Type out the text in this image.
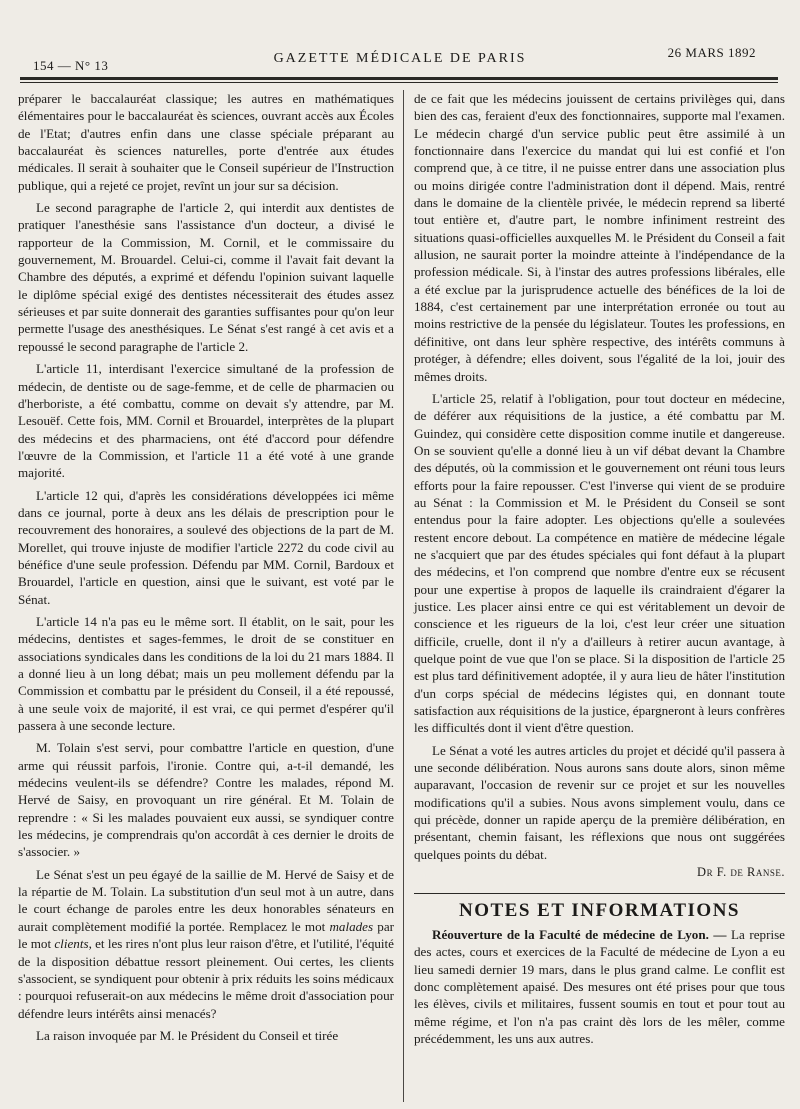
154 — N° 13	GAZETTE MÉDICALE DE PARIS	26 MARS 1892

préparer le baccalauréat classique; les autres en mathématiques élémentaires pour le baccalauréat ès sciences, ouvrant accès aux Écoles de l'Etat; d'autres enfin dans une classe spéciale préparant au baccalauréat ès sciences naturelles, porte d'entrée aux études médicales. Il serait à souhaiter que le Conseil supérieur de l'Instruction publique, qui a rejeté ce projet, revînt un jour sur sa décision.

Le second paragraphe de l'article 2, qui interdit aux dentistes de pratiquer l'anesthésie sans l'assistance d'un docteur, a divisé le rapporteur de la Commission, M. Cornil, et le commissaire du gouvernement, M. Brouardel. Celui-ci, comme il l'avait fait devant la Chambre des députés, a exprimé et défendu l'opinion suivant laquelle le diplôme spécial exigé des dentistes nécessiterait des études assez sérieuses et par suite donnerait des garanties suffisantes pour qu'on leur permette l'usage des anesthésiques. Le Sénat s'est rangé à cet avis et a repoussé le second paragraphe de l'article 2.

L'article 11, interdisant l'exercice simultané de la profession de médecin, de dentiste ou de sage-femme, et de celle de pharmacien ou d'herboriste, a été combattu, comme on devait s'y attendre, par M. Lesouëf. Cette fois, MM. Cornil et Brouardel, interprètes de la plupart des médecins et des pharmaciens, ont été d'accord pour défendre l'œuvre de la Commission, et l'article 11 a été voté à une grande majorité.

L'article 12 qui, d'après les considérations développées ici même dans ce journal, porte à deux ans les délais de prescription pour le recouvrement des honoraires, a soulevé des objections de la part de M. Morellet, qui trouve injuste de modifier l'article 2272 du code civil au bénéfice d'une seule profession. Défendu par MM. Cornil, Bardoux et Brouardel, l'article en question, ainsi que le suivant, est voté par le Sénat.

L'article 14 n'a pas eu le même sort. Il établit, on le sait, pour les médecins, dentistes et sages-femmes, le droit de se constituer en associations syndicales dans les conditions de la loi du 21 mars 1884. Il a donné lieu à un long débat; mais un peu mollement défendu par la Commission et combattu par le président du Conseil, il a été repoussé, à une seule voix de majorité, il est vrai, ce qui permet d'espérer qu'il passera à une seconde lecture.

M. Tolain s'est servi, pour combattre l'article en question, d'une arme qui réussit parfois, l'ironie. Contre qui, a-t-il demandé, les médecins veulent-ils se défendre? Contre les malades, répond M. Hervé de Saisy, en provoquant un rire général. Et M. Tolain de reprendre : « Si les malades pouvaient eux aussi, se syndiquer contre les médecins, je comprendrais qu'on accordât à ces dernier le droits de s'associer. »

Le Sénat s'est un peu égayé de la saillie de M. Hervé de Saisy et de la répartie de M. Tolain. La substitution d'un seul mot à un autre, dans le court échange de paroles entre les deux honorables sénateurs en aurait complètement modifié la portée. Remplacez le mot malades par le mot clients, et les rires n'ont plus leur raison d'être, et l'utilité, l'équité de la disposition débattue ressort pleinement. Oui certes, les clients s'associent, se syndiquent pour obtenir à prix réduits les soins médicaux : pourquoi refuserait-on aux médecins le même droit d'association pour défendre leurs intérêts ainsi menacés?

La raison invoquée par M. le Président du Conseil et tirée

de ce fait que les médecins jouissent de certains privilèges qui, dans bien des cas, feraient d'eux des fonctionnaires, supporte mal l'examen. Le médecin chargé d'un service public peut être assimilé à un fonctionnaire dans l'exercice du mandat qui lui est confié et l'on comprend que, à ce titre, il ne puisse entrer dans une association plus ou moins dirigée contre l'administration dont il dépend. Mais, rentré dans le domaine de la clientèle privée, le médecin reprend sa liberté tout entière et, d'autre part, le nombre infiniment restreint des situations quasi-officielles auxquelles M. le Président du Conseil a fait allusion, ne saurait porter la moindre atteinte à l'indépendance de la profession médicale. Si, à l'instar des autres professions libérales, elle a été exclue par la jurisprudence actuelle des bénéfices de la loi de 1884, c'est certainement par une interprétation erronée ou tout au moins restrictive de la pensée du législateur. Toutes les professions, en définitive, ont dans leur sphère respective, des intérêts communs à protéger, à défendre; elles doivent, sous l'égalité de la loi, jouir des mêmes droits.

L'article 25, relatif à l'obligation, pour tout docteur en médecine, de déférer aux réquisitions de la justice, a été combattu par M. Guindez, qui considère cette disposition comme inutile et dangereuse. On se souvient qu'elle a donné lieu à un vif débat devant la Chambre des députés, où la commission et le gouvernement ont réuni tous leurs efforts pour la faire repousser. C'est l'inverse qui vient de se produire au Sénat : la Commission et M. le Président du Conseil se sont entendus pour la faire adopter. Les objections qu'elle a soulevées restent encore debout. La compétence en matière de médecine légale ne s'acquiert que par des études spéciales qui font défaut à la plupart des médecins, et l'on comprend que nombre d'entre eux se récusent pour une expertise à propos de laquelle ils craindraient d'égarer la justice. Les placer ainsi entre ce qui est véritablement un devoir de conscience et les rigueurs de la loi, c'est leur créer une situation difficile, cruelle, dont il n'y a d'ailleurs à retirer aucun avantage, à quelque point de vue que l'on se place. Si la disposition de l'article 25 est plus tard définitivement adoptée, il y aura lieu de hâter l'institution d'un corps spécial de médecins légistes qui, en donnant toute satisfaction aux réquisitions de la justice, épargneront à leurs confrères les difficultés dont il vient d'être question.

Le Sénat a voté les autres articles du projet et décidé qu'il passera à une seconde délibération. Nous aurons sans doute alors, sinon même auparavant, l'occasion de revenir sur ce projet et sur les nouvelles modifications qu'il a subies. Nous avons simplement voulu, dans ce qui précède, donner un rapide aperçu de la première délibération, en présentant, chemin faisant, les réflexions que nous ont suggérées quelques points du débat.

Dr F. de Ranse.
NOTES ET INFORMATIONS

Réouverture de la Faculté de médecine de Lyon. — La reprise des actes, cours et exercices de la Faculté de médecine de Lyon a eu lieu samedi dernier 19 mars, dans le plus grand calme. Le conflit est donc complètement apaisé. Des mesures ont été prises pour que tous les élèves, civils et militaires, fussent soumis en tout et pour tout au même régime, et l'on n'a pas craint dès lors de les mêler, comme précédemment, les uns aux autres.
